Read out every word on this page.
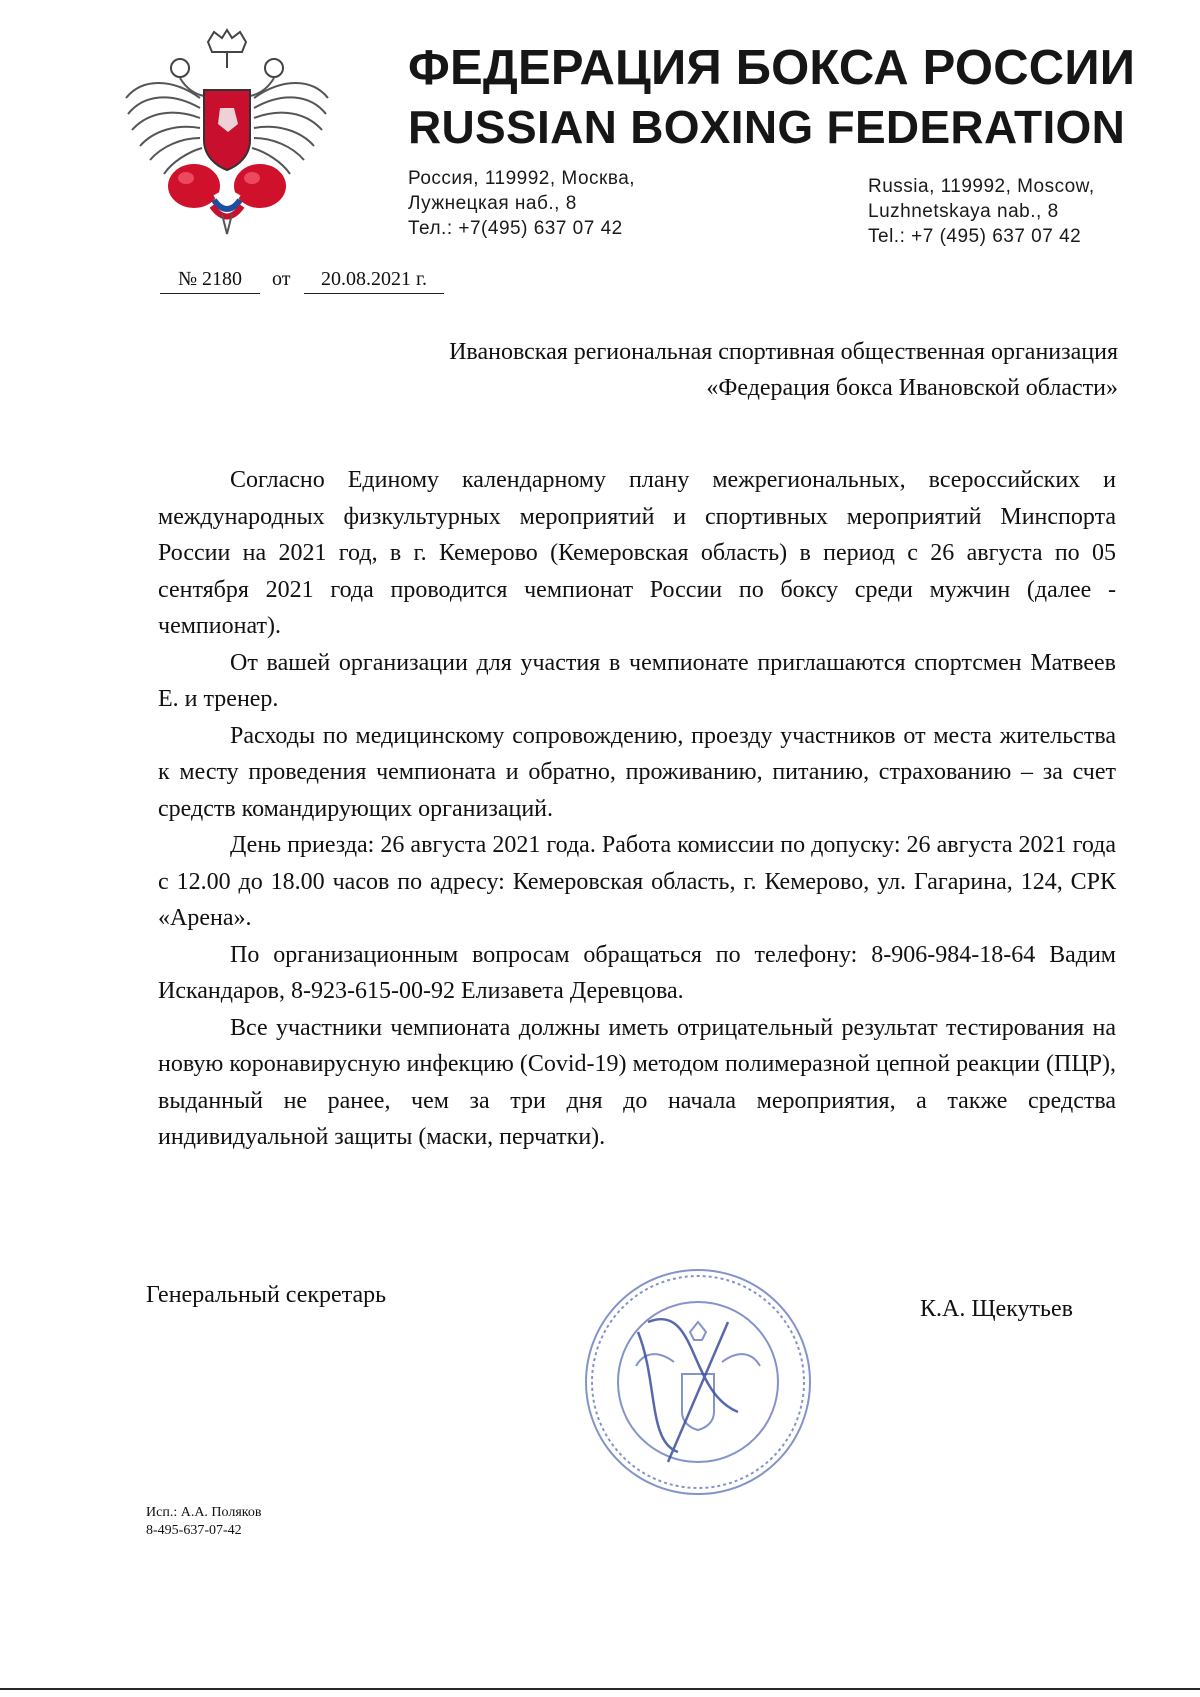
ФЕДЕРАЦИЯ БОКСА РОССИИ
RUSSIAN BOXING FEDERATION
Россия, 119992, Москва,
Лужнецкая наб., 8
Тел.: +7(495) 637 07 42
Russia, 119992, Moscow,
Luzhnetskaya nab., 8
Tel.: +7 (495) 637 07 42
№ 2180	от	20.08.2021 г.
Ивановская региональная спортивная общественная организация «Федерация бокса Ивановской области»

Согласно Единому календарному плану межрегиональных, всероссийских и международных физкультурных мероприятий и спортивных мероприятий Минспорта России на 2021 год, в г. Кемерово (Кемеровская область) в период с 26 августа по 05 сентября 2021 года проводится чемпионат России по боксу среди мужчин (далее - чемпионат).

От вашей организации для участия в чемпионате приглашаются спортсмен Матвеев Е. и тренер.

Расходы по медицинскому сопровождению, проезду участников от места жительства к месту проведения чемпионата и обратно, проживанию, питанию, страхованию – за счет средств командирующих организаций.

День приезда: 26 августа 2021 года. Работа комиссии по допуску: 26 августа 2021 года с 12.00 до 18.00 часов по адресу: Кемеровская область, г. Кемерово, ул. Гагарина, 124, СРК «Арена».

По организационным вопросам обращаться по телефону: 8-906-984-18-64 Вадим Искандаров, 8-923-615-00-92 Елизавета Деревцова.

Все участники чемпионата должны иметь отрицательный результат тестирования на новую коронавирусную инфекцию (Covid-19) методом полимеразной цепной реакции (ПЦР), выданный не ранее, чем за три дня до начала мероприятия, а также средства индивидуальной защиты (маски, перчатки).

Генеральный секретарь
К.А. Щекутьев
Исп.: А.А. Поляков
8-495-637-07-42
